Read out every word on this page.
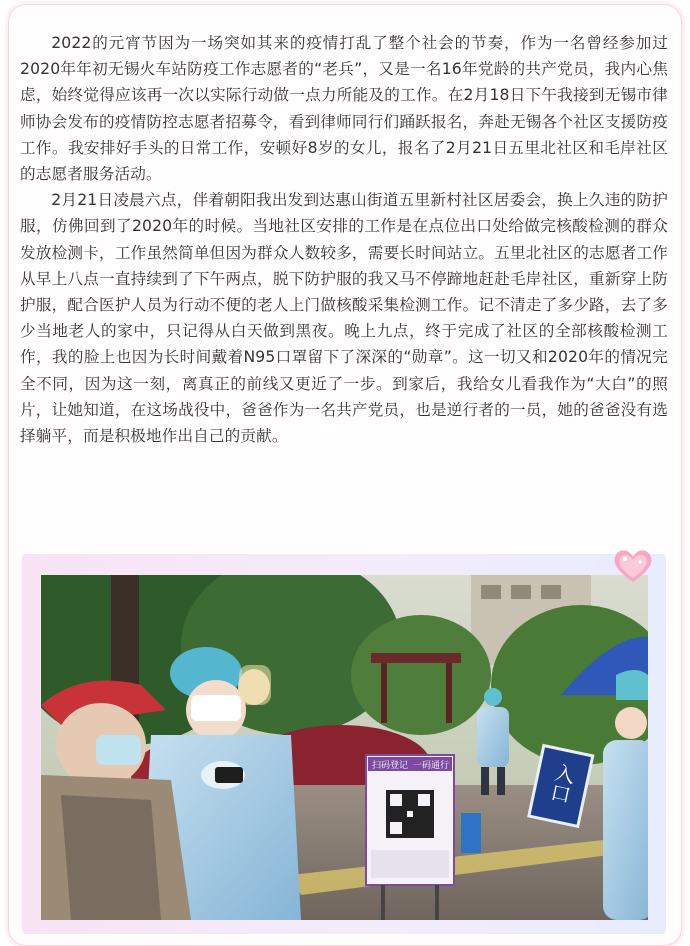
2022的元宵节因为一场突如其来的疫情打乱了整个社会的节奏，作为一名曾经参加过2020年年初无锡火车站防疫工作志愿者的“老兵”，又是一名16年党龄的共产党员，我内心焦虑，始终觉得应该再一次以实际行动做一点力所能及的工作。在2月18日下午我接到无锡市律师协会发布的疫情防控志愿者招募令，看到律师同行们踊跃报名，奔赴无锡各个社区支援防疫工作。我安排好手头的日常工作，安顿好8岁的女儿，报名了2月21日五里北社区和毛岸社区的志愿者服务活动。

2月21日凌晨六点，伴着朝阳我出发到达惠山街道五里新村社区居委会，换上久违的防护服，仿佛回到了2020年的时候。当地社区安排的工作是在点位出口处给做完核酸检测的群众发放检测卡，工作虽然简单但因为群众人数较多，需要长时间站立。五里北社区的志愿者工作从早上八点一直持续到了下午两点，脱下防护服的我又马不停蹄地赶赴毛岸社区，重新穿上防护服，配合医护人员为行动不便的老人上门做核酸采集检测工作。记不清走了多少路，去了多少当地老人的家中，只记得从白天做到黑夜。晚上九点，终于完成了社区的全部核酸检测工作，我的脸上也因为长时间戴着N95口罩留下了深深的“勋章”。这一切又和2020年的情况完全不同，因为这一刻，离真正的前线又更近了一步。到家后，我给女儿看我作为“大白”的照片，让她知道，在这场战役中，爸爸作为一名共产党员，也是逆行者的一员，她的爸爸没有选择躺平，而是积极地作出自己的贡献。

入口
扫码登记 一码通行
